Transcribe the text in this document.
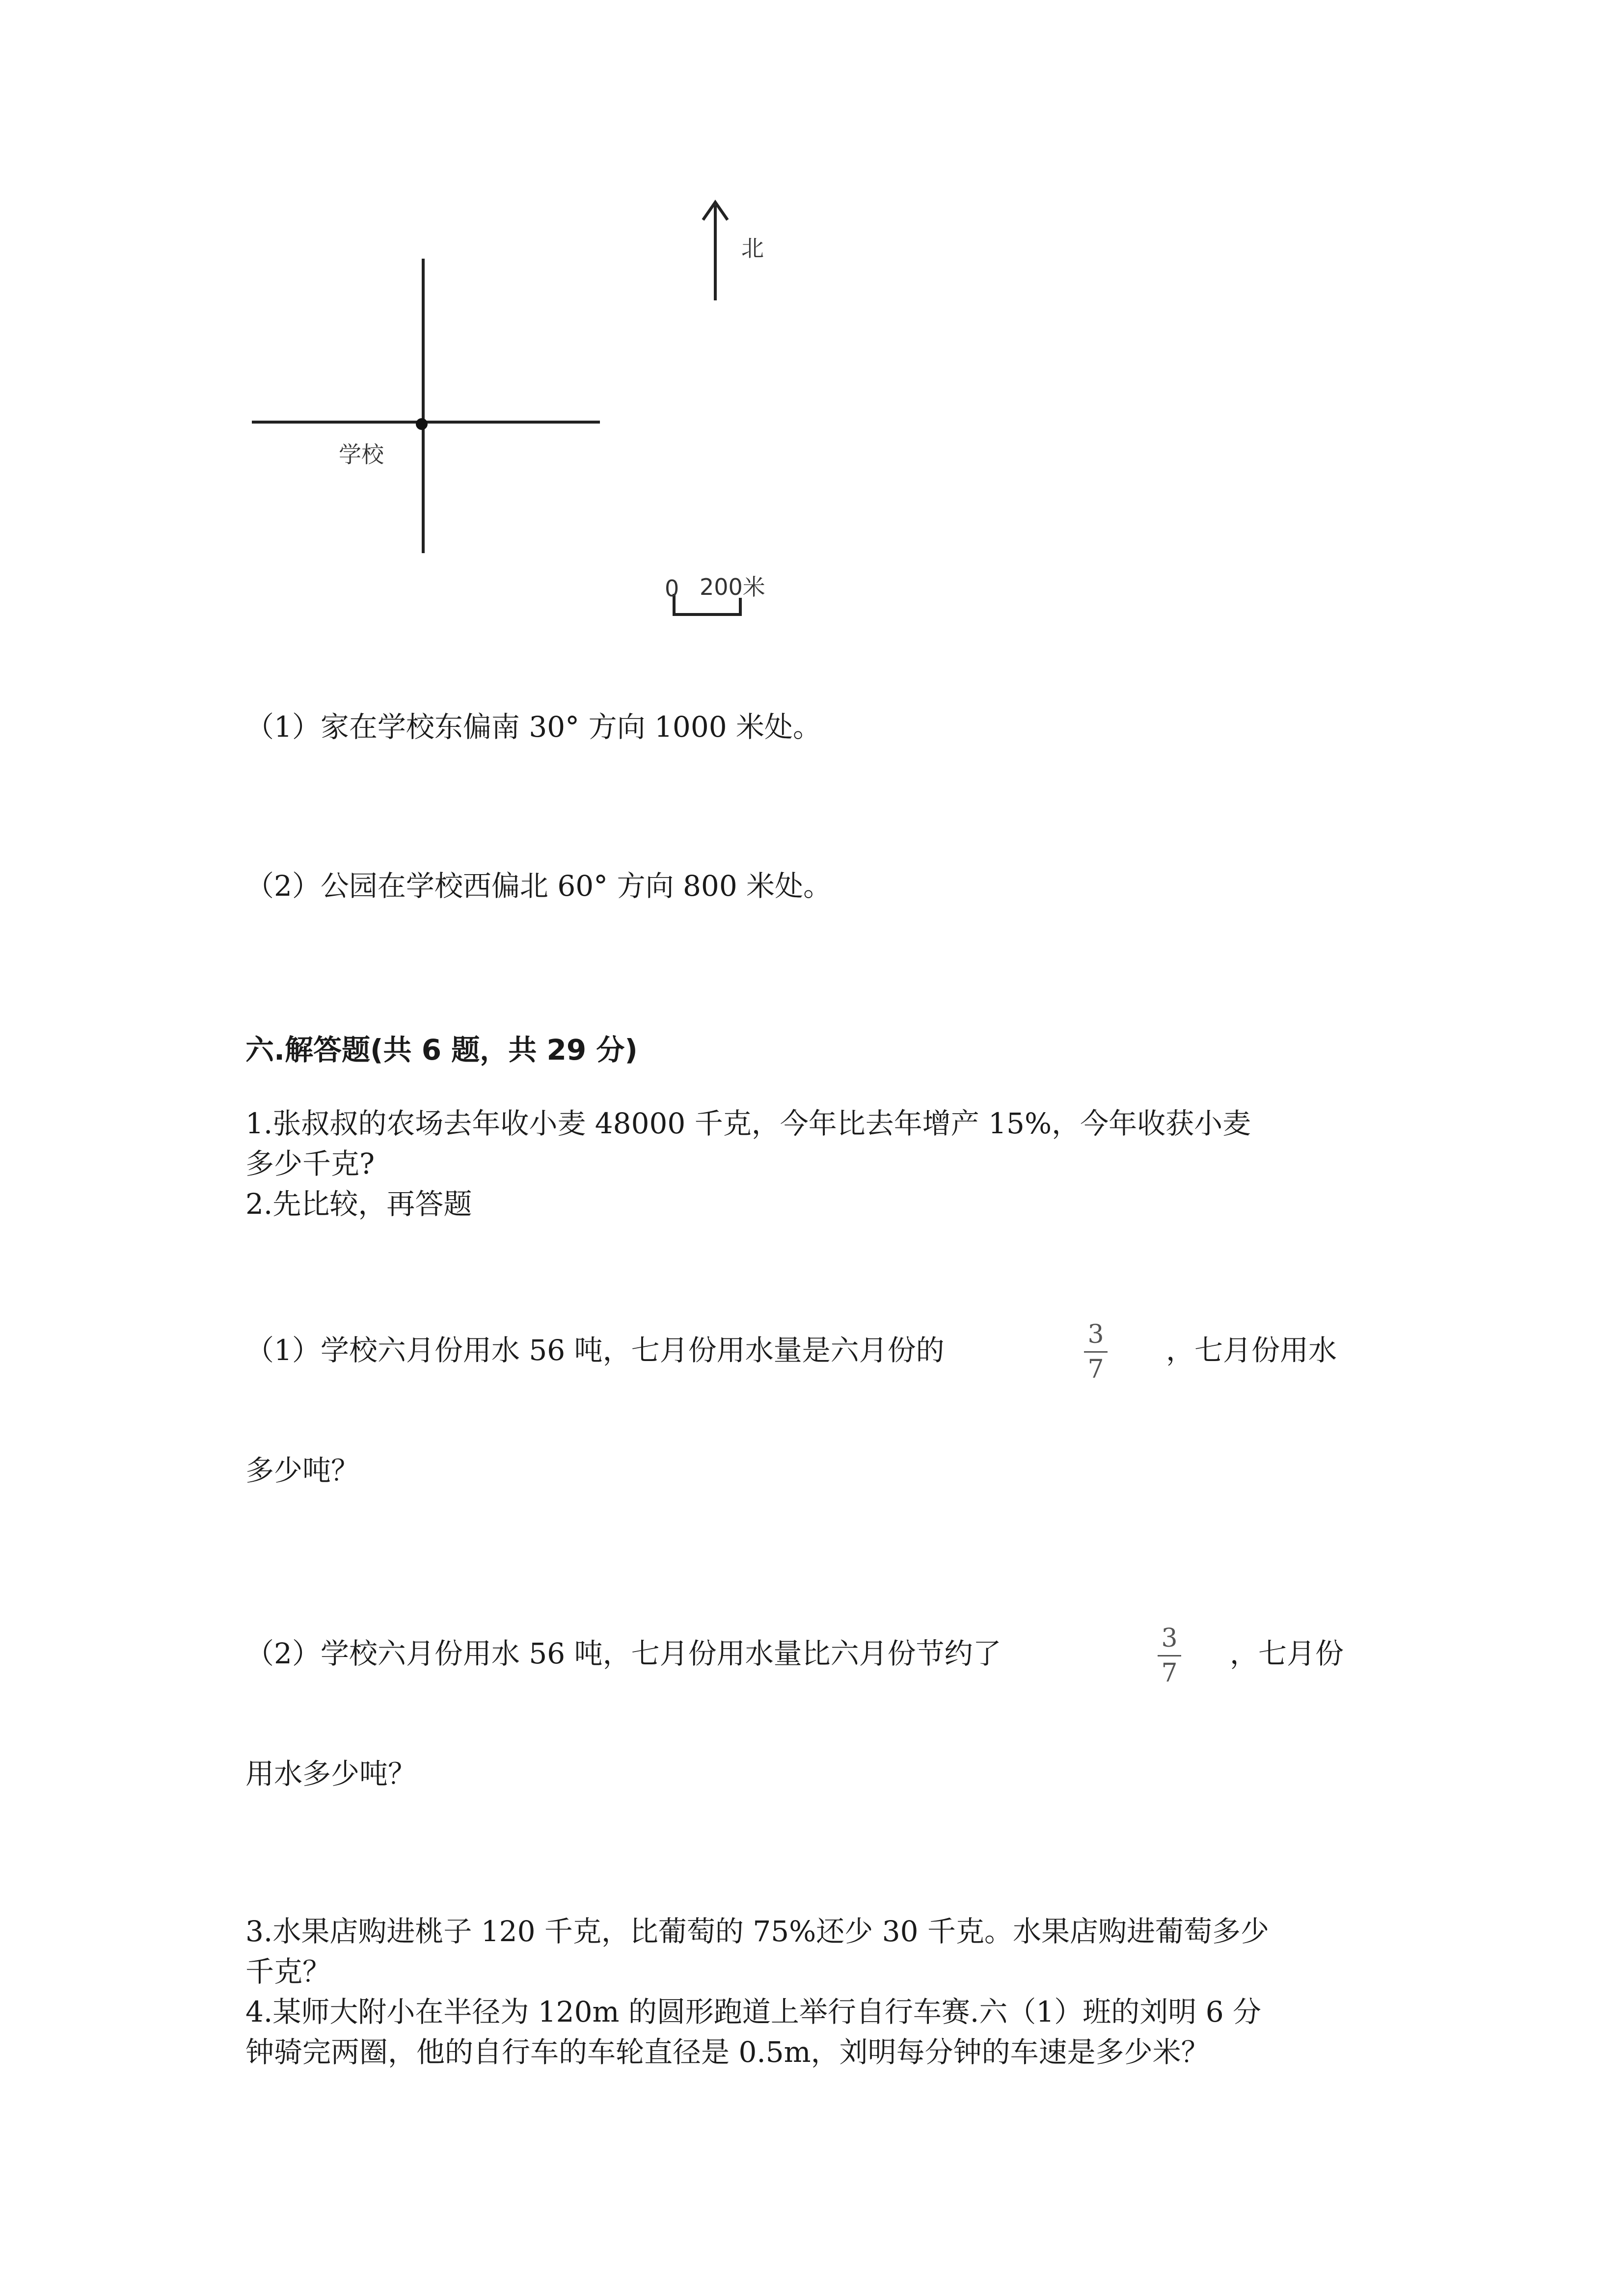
北
学校
0 200米
（1）家在学校东偏南 30° 方向 1000 米处。
（2）公园在学校西偏北 60° 方向 800 米处。
六.解答题(共 6 题，共 29 分)
1.张叔叔的农场去年收小麦 48000 千克，今年比去年增产 15%，今年收获小麦
多少千克?
2.先比较，再答题
（1）学校六月份用水 56 吨，七月份用水量是六月份的	3
7
，七月份用水
多少吨？
（2）学校六月份用水 56 吨，七月份用水量比六月份节约了	3
7
，七月份
用水多少吨？
3.水果店购进桃子 120 千克，比葡萄的 75%还少 30 千克。水果店购进葡萄多少
千克？
4.某师大附小在半径为 120m 的圆形跑道上举行自行车赛.六（1）班的刘明 6 分
钟骑完两圈，他的自行车的车轮直径是 0.5m，刘明每分钟的车速是多少米？
